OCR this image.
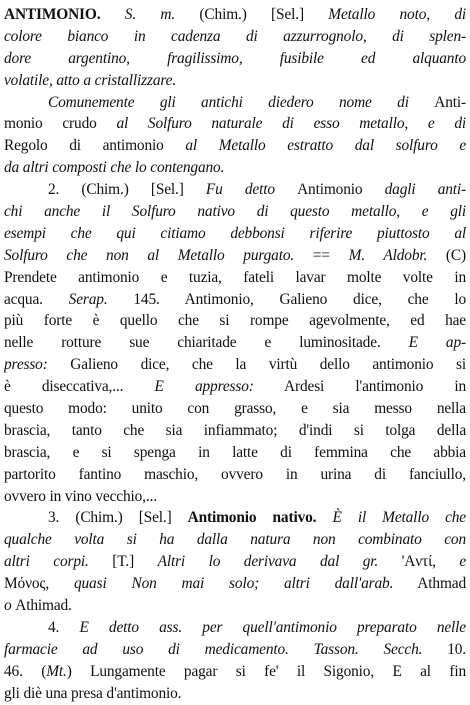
ANTIMONIO. S. m. (Chim.) [Sel.] Metallo noto, di
colore bianco in cadenza di azzurrognolo, di splen-
dore argentino, fragilissimo, fusibile ed alquanto
volatile, atto a cristallizzare.
Comunemente gli antichi diedero nome di Anti-
monio crudo al Solfuro naturale di esso metallo, e di
Regolo di antimonio al Metallo estratto dal solfuro e
da altri composti che lo contengano.
2. (Chim.) [Sel.] Fu detto Antimonio dagli anti-
chi anche il Solfuro nativo di questo metallo, e gli
esempi che qui citiamo debbonsi riferire piuttosto al
Solfuro che non al Metallo purgato. == M. Aldobr. (C)
Prendete antimonio e tuzia, fateli lavar molte volte in
acqua. Serap. 145. Antimonio, Galieno dice, che lo
più forte è quello che si rompe agevolmente, ed hae
nelle rotture sue chiaritade e luminositade. E ap-
presso: Galieno dice, che la virtù dello antimonio si
è diseccativa,... E appresso: Ardesi l'antimonio in
questo modo: unito con grasso, e sia messo nella
brascia, tanto che sia infiammato; d'indi si tolga della
brascia, e si spenga in latte di femmina che abbia
partorito fantino maschio, ovvero in urina di fanciullo,
ovvero in vino vecchio,...
3. (Chim.) [Sel.] Antimonio nativo. È il Metallo che
qualche volta si ha dalla natura non combinato con
altri corpi. [T.] Altri lo derivava dal gr. 'Aντί, e
Mόνος, quasi Non mai solo; altri dall'arab. Athmad
o Athimad.
4. E detto ass. per quell'antimonio preparato nelle
farmacie ad uso di medicamento. Tasson. Secch. 10.
46. (Mt.) Lungamente pagar si fe' il Sigonio, E al fin
gli diè una presa d'antimonio.
